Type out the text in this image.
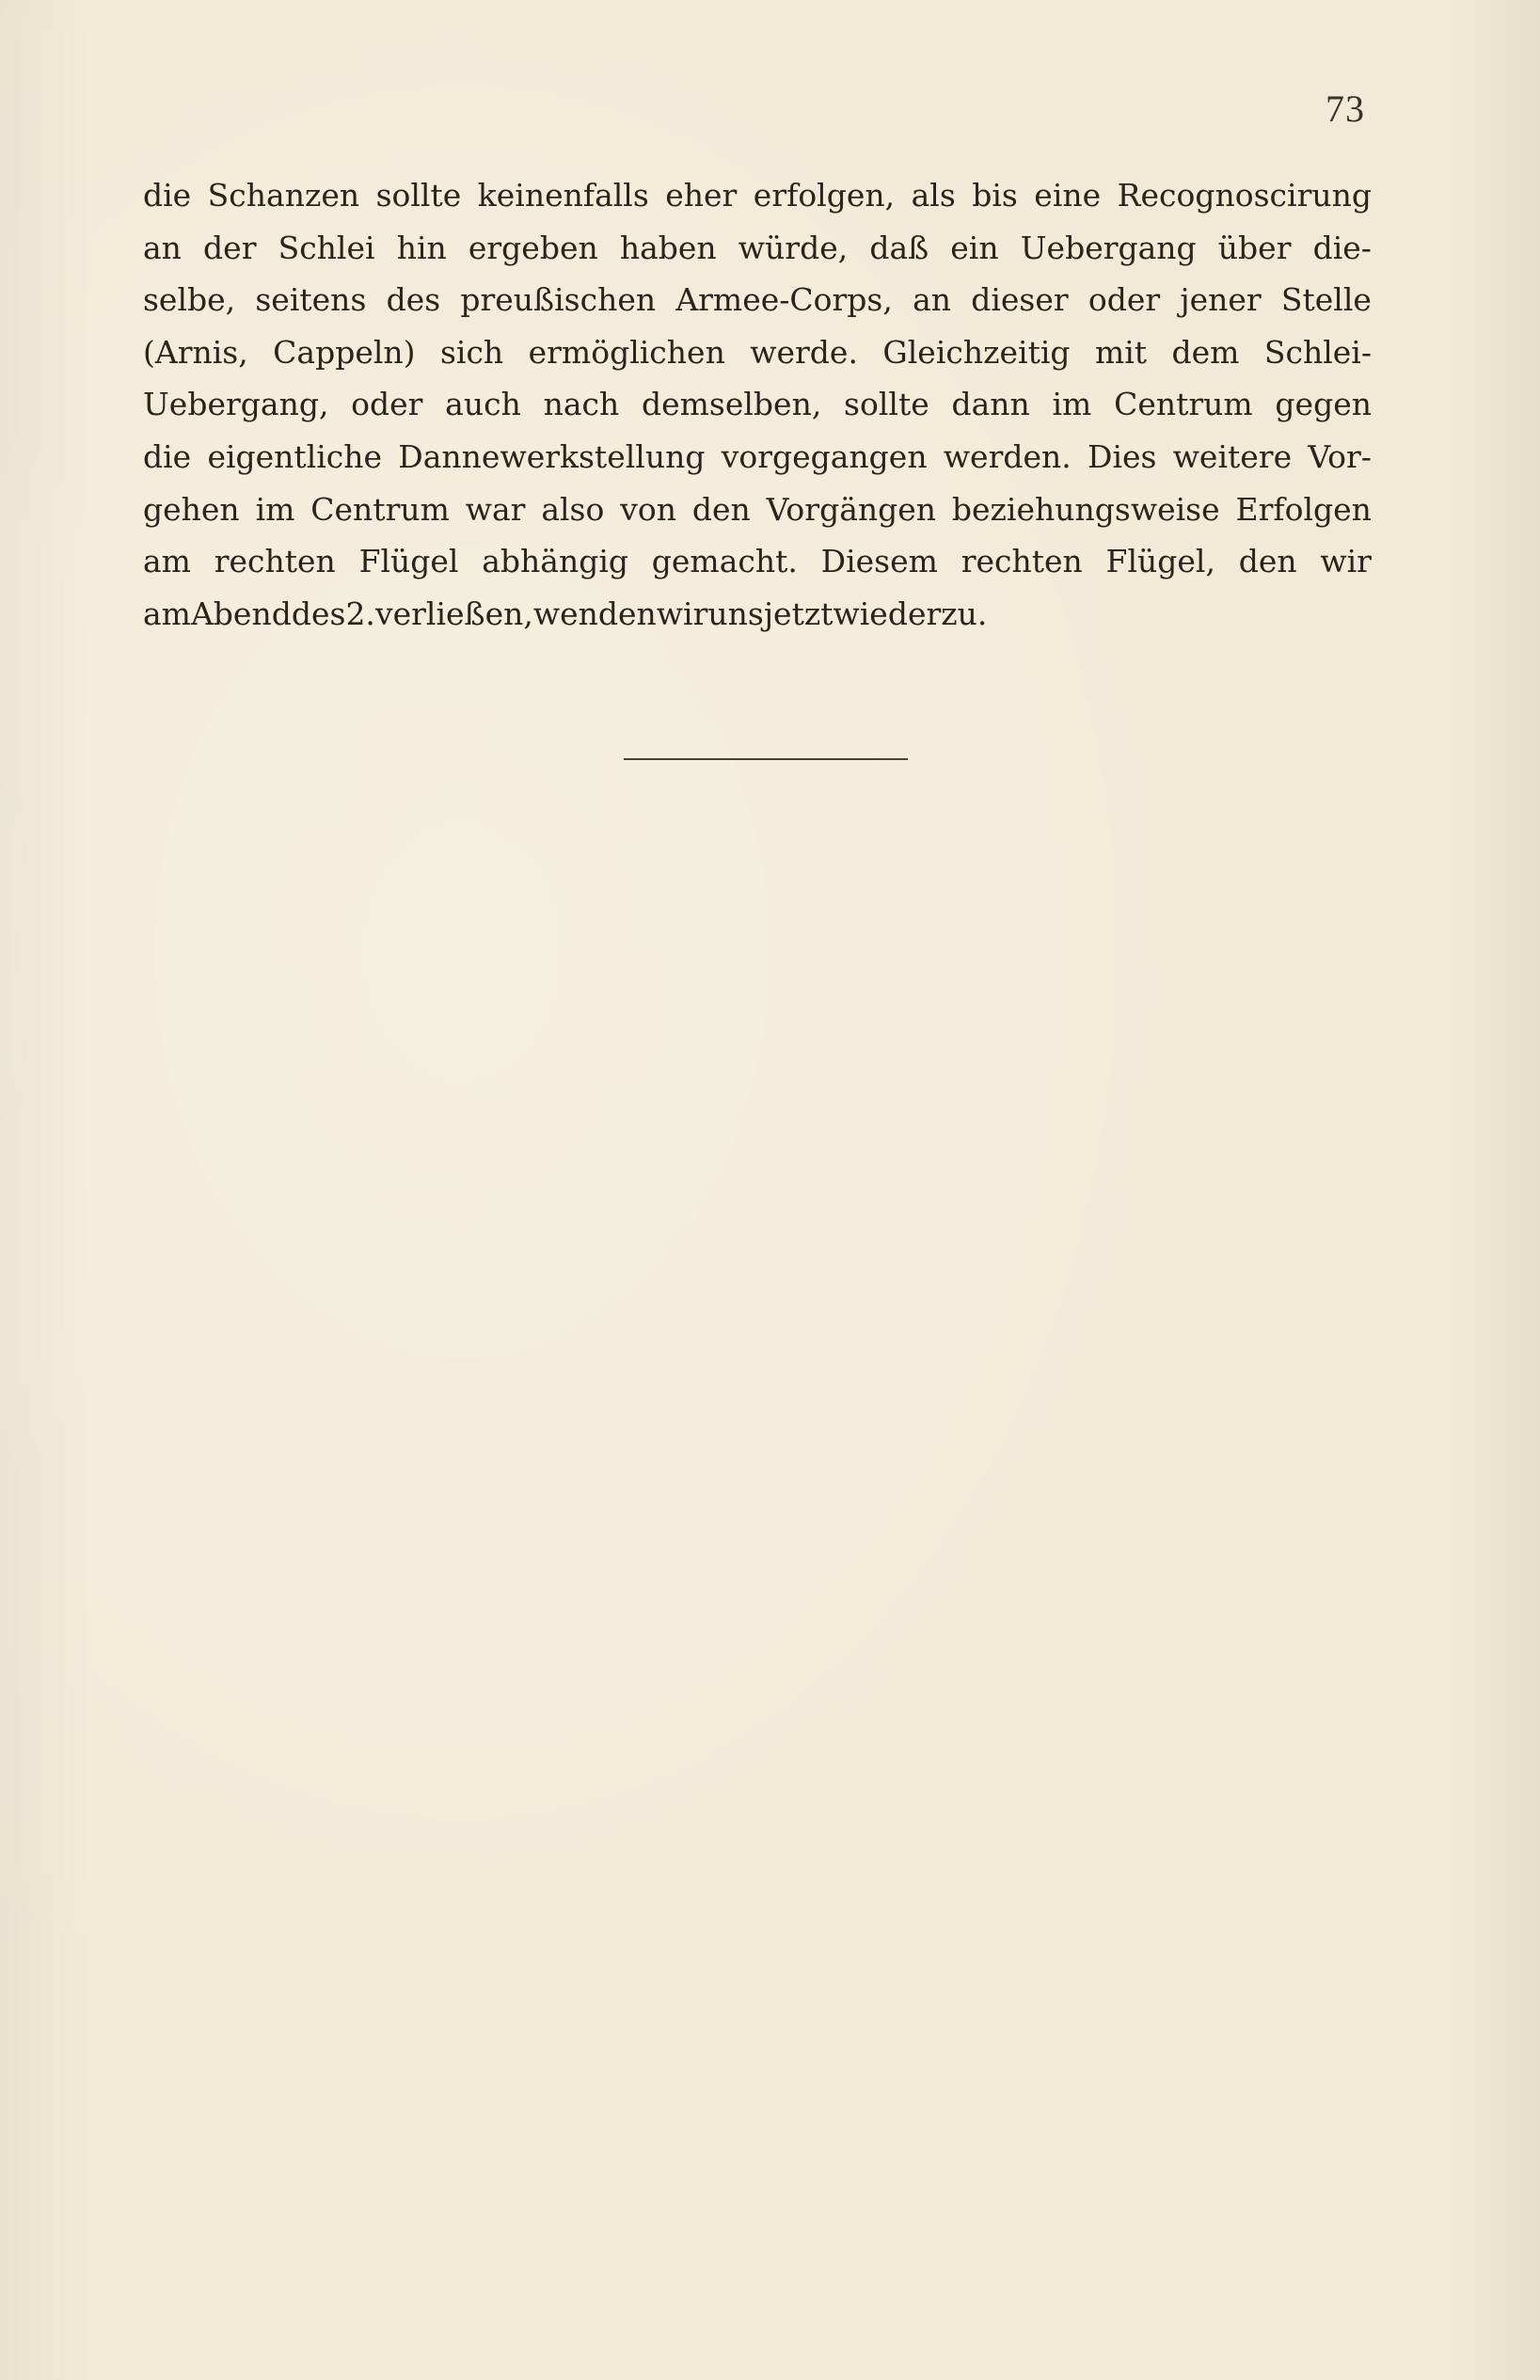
73
die Schanzen sollte keinenfalls eher erfolgen, als bis eine Recognoscirung
an der Schlei hin ergeben haben würde, daß ein Uebergang über die-
selbe, seitens des preußischen Armee-Corps, an dieser oder jener Stelle
(Arnis, Cappeln) sich ermöglichen werde. Gleichzeitig mit dem Schlei-
Uebergang, oder auch nach demselben, sollte dann im Centrum gegen
die eigentliche Dannewerkstellung vorgegangen werden. Dies weitere Vor-
gehen im Centrum war also von den Vorgängen beziehungsweise Erfolgen
am rechten Flügel abhängig gemacht. Diesem rechten Flügel, den wir
am Abend des 2. verließen, wenden wir uns jetzt wieder zu.
